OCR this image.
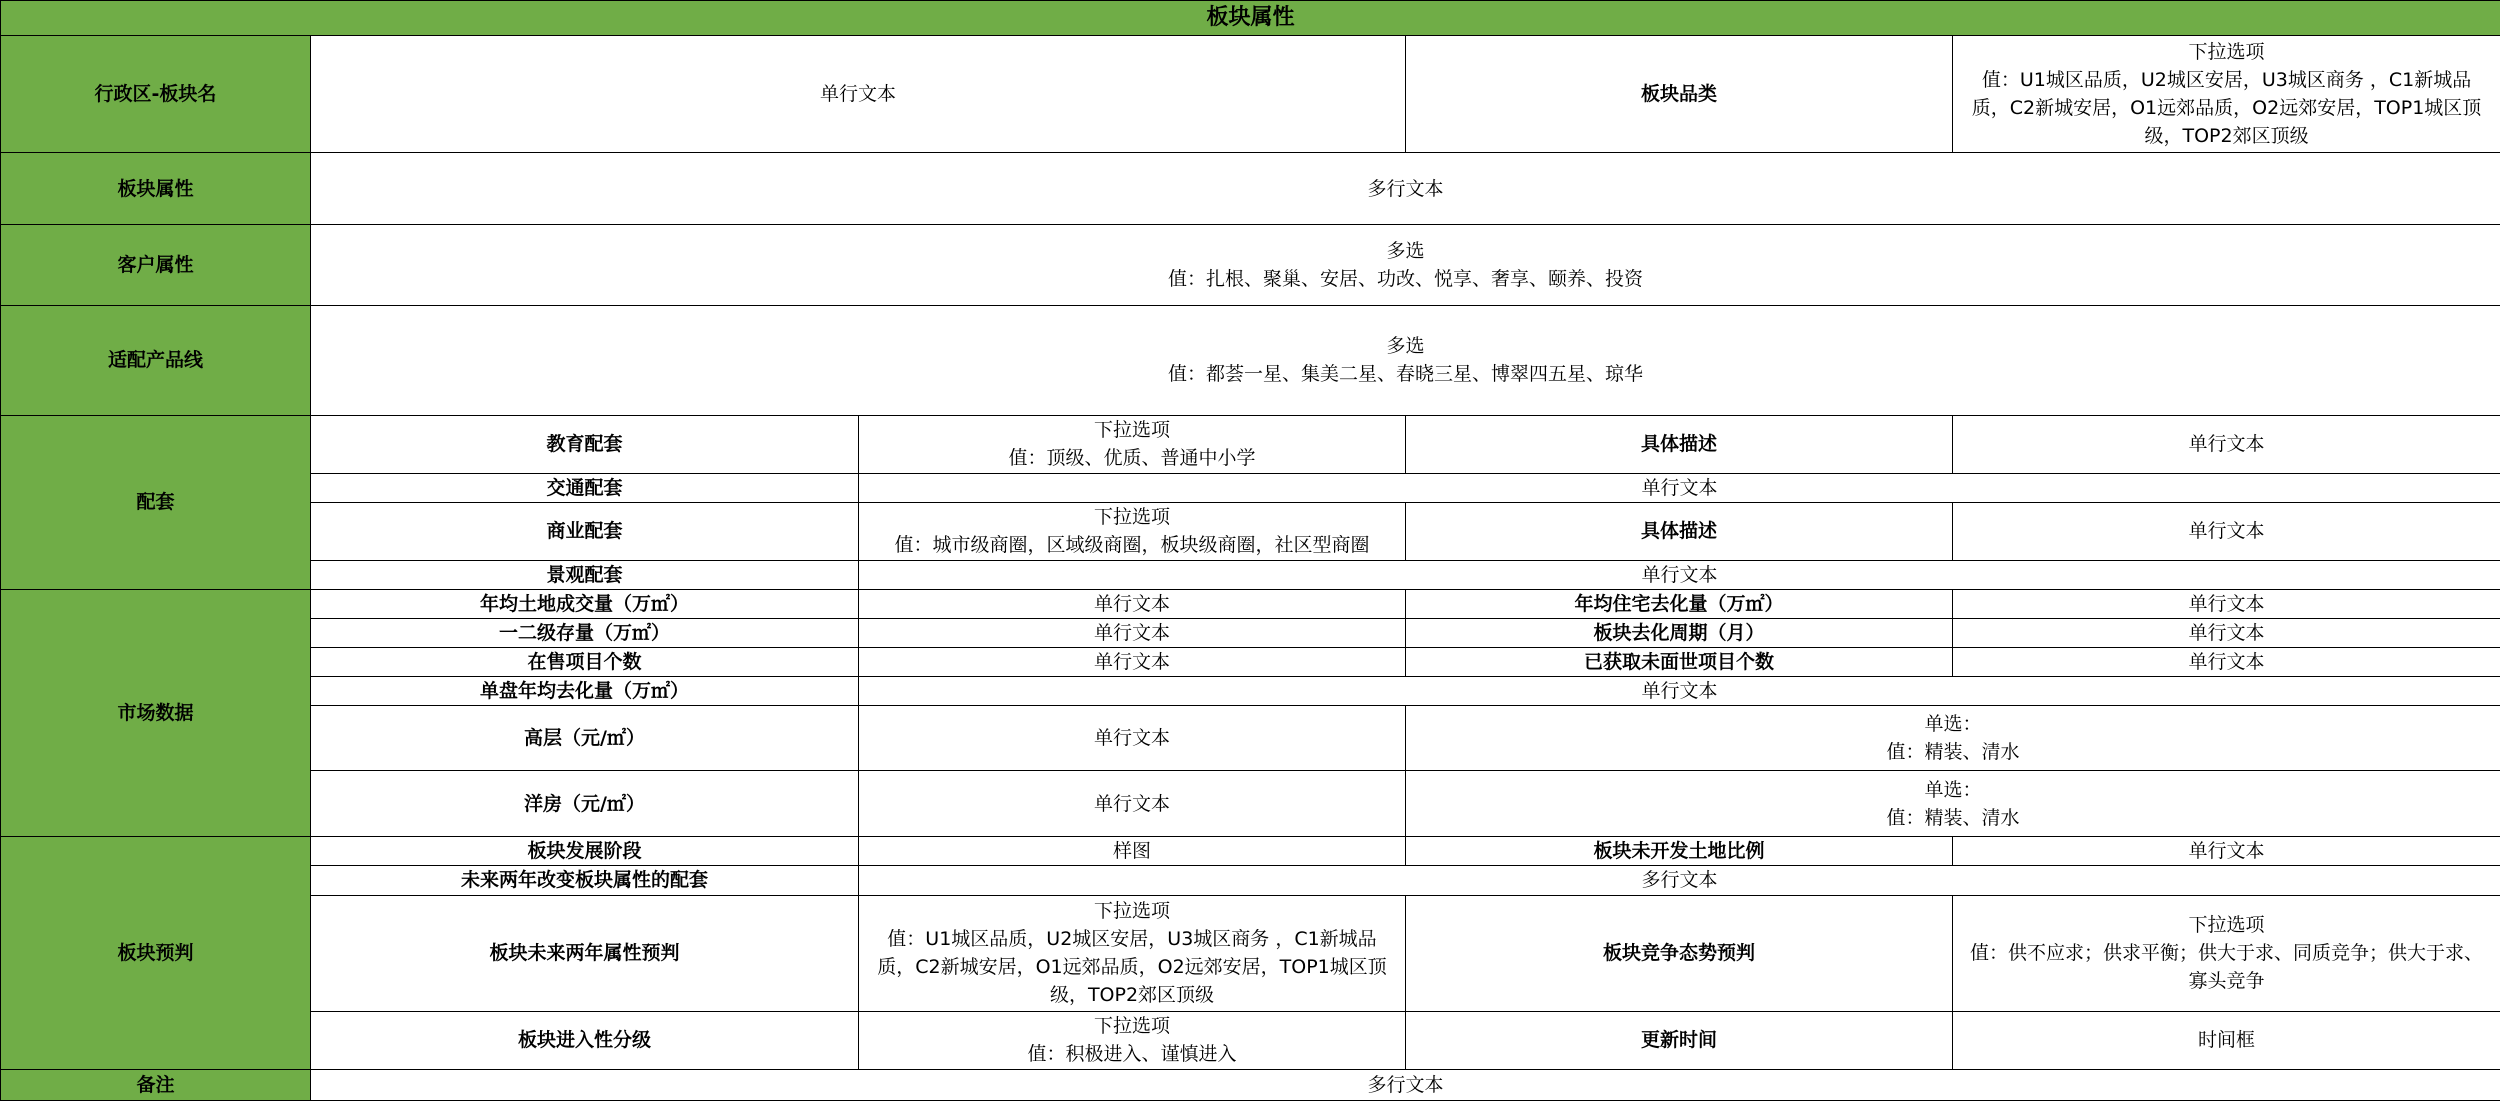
板块属性				
行政区-板块名	单行文本		板块品类	下拉选项
值：U1城区品质，U2城区安居，U3城区商务 ，C1新城品
质，C2新城安居，O1远郊品质，O2远郊安居，TOP1城区顶
级，TOP2郊区顶级

板块属性	多行文本			
客户属性	多选
值：扎根、聚巢、安居、功改、悦享、奢享、颐养、投资			

适配产品线	多选
值：都荟一星、集美二星、春晓三星、博翠四五星、琼华			

配套	教育配套	下拉选项
值：顶级、优质、普通中小学	具体描述	单行文本
	交通配套	单行文本		
	商业配套	下拉选项
值：城市级商圈，区域级商圈，板块级商圈，社区型商圈	具体描述	单行文本
	景观配套	单行文本		
市场数据	年均土地成交量（万㎡）	单行文本	年均住宅去化量（万㎡）	单行文本
	一二级存量（万㎡）	单行文本	板块去化周期（月）	单行文本
	在售项目个数	单行文本	已获取未面世项目个数	单行文本
	单盘年均去化量（万㎡）	单行文本		
	高层（元/㎡）	单行文本	单选：
值：精装、清水	

	洋房（元/㎡）	单行文本	单选：
值：精装、清水	

板块预判	板块发展阶段	样图	板块未开发土地比例	单行文本
	未来两年改变板块属性的配套	多行文本		
	板块未来两年属性预判	下拉选项
值：U1城区品质，U2城区安居，U3城区商务 ，C1新城品
质，C2新城安居，O1远郊品质，O2远郊安居，TOP1城区顶
级，TOP2郊区顶级	板块竞争态势预判	下拉选项
值：供不应求；供求平衡；供大于求、同质竞争；供大于求、
寡头竞争

	板块进入性分级	下拉选项
值：积极进入、谨慎进入	更新时间	时间框
备注	多行文本			
